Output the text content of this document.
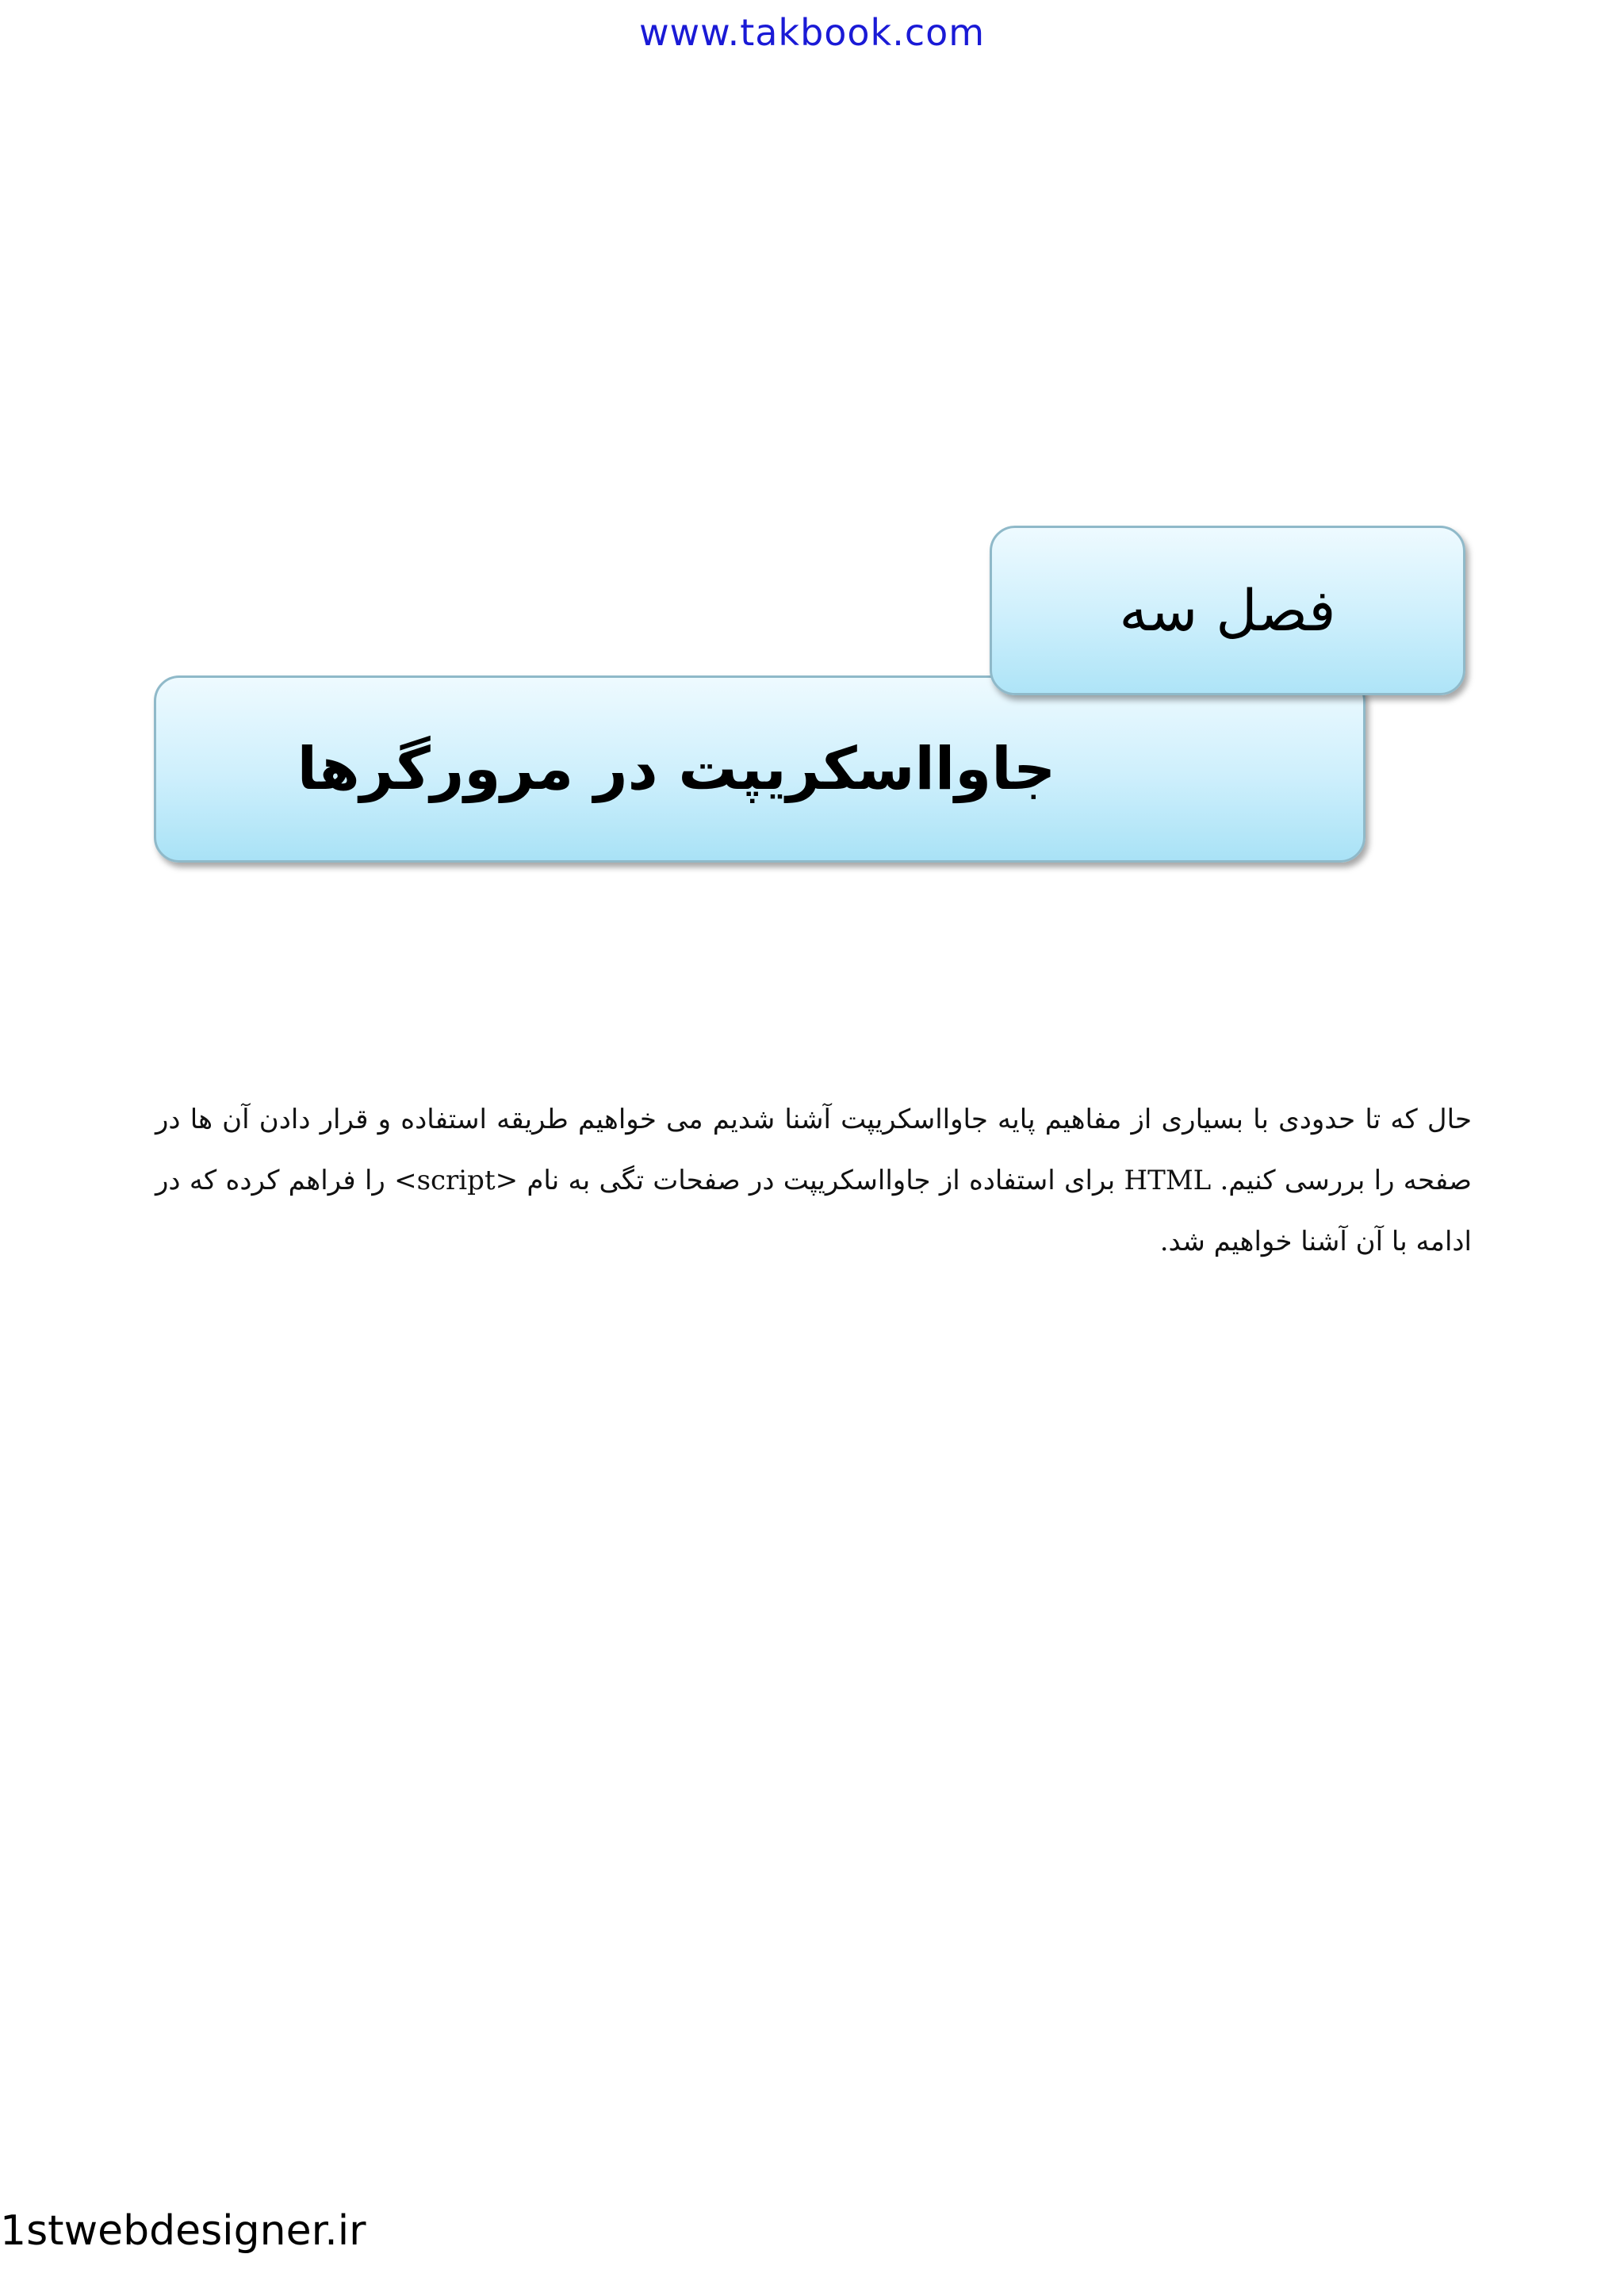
www.takbook.com
فصل سه
جاوااسکریپت در مرورگرها

حال که تا حدودی با بسیاری از مفاهیم پایه جاوااسکریپت آشنا شدیم می خواهیم طریقه استفاده و قرار دادن آن ها در صفحه را بررسی کنیم. HTML برای استفاده از جاوااسکریپت در صفحات تگی به نام <script> را فراهم کرده که در ادامه با آن آشنا خواهیم شد.

1stwebdesigner.ir
